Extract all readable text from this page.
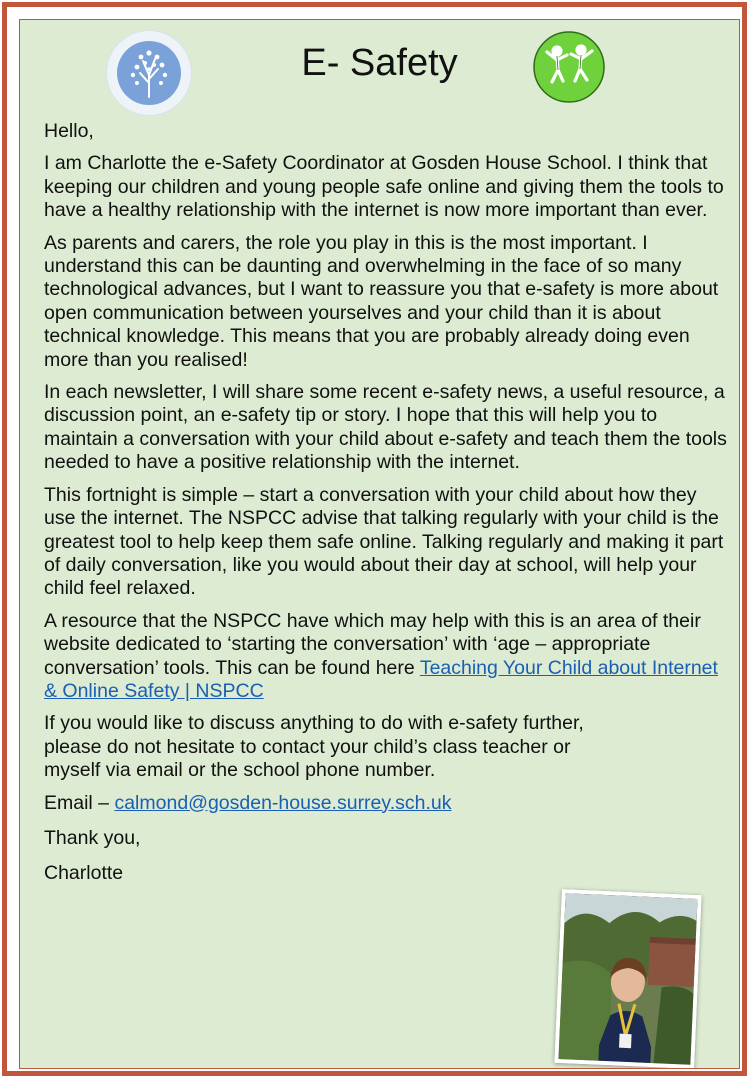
E- Safety

Hello,

I am Charlotte the e-Safety Coordinator at Gosden House School. I think that keeping our children and young people safe online and giving them the tools to have a healthy relationship with the internet is now more important than ever.

As parents and carers, the role you play in this is the most important. I understand this can be daunting and overwhelming in the face of so many technological advances, but I want to reassure you that e-safety is more about open communication between yourselves and your child than it is about technical knowledge. This means that you are probably already doing even more than you realised!

In each newsletter, I will share some recent e-safety news, a useful resource, a discussion point, an e-safety tip or story. I hope that this will help you to maintain a conversation with your child about e-safety and teach them the tools needed to have a positive relationship with the internet.

This fortnight is simple – start a conversation with your child about how they use the internet. The NSPCC advise that talking regularly with your child is the greatest tool to help keep them safe online. Talking regularly and making it part of daily conversation, like you would about their day at school, will help your child feel relaxed.

A resource that the NSPCC have which may help with this is an area of their website dedicated to ‘starting the conversation’ with ‘age – appropriate conversation’ tools. This can be found here Teaching Your Child about Internet & Online Safety | NSPCC

If you would like to discuss anything to do with e-safety further, please do not hesitate to contact your child’s class teacher or myself via email or the school phone number.

Email – calmond@gosden-house.surrey.sch.uk

Thank you,

Charlotte
